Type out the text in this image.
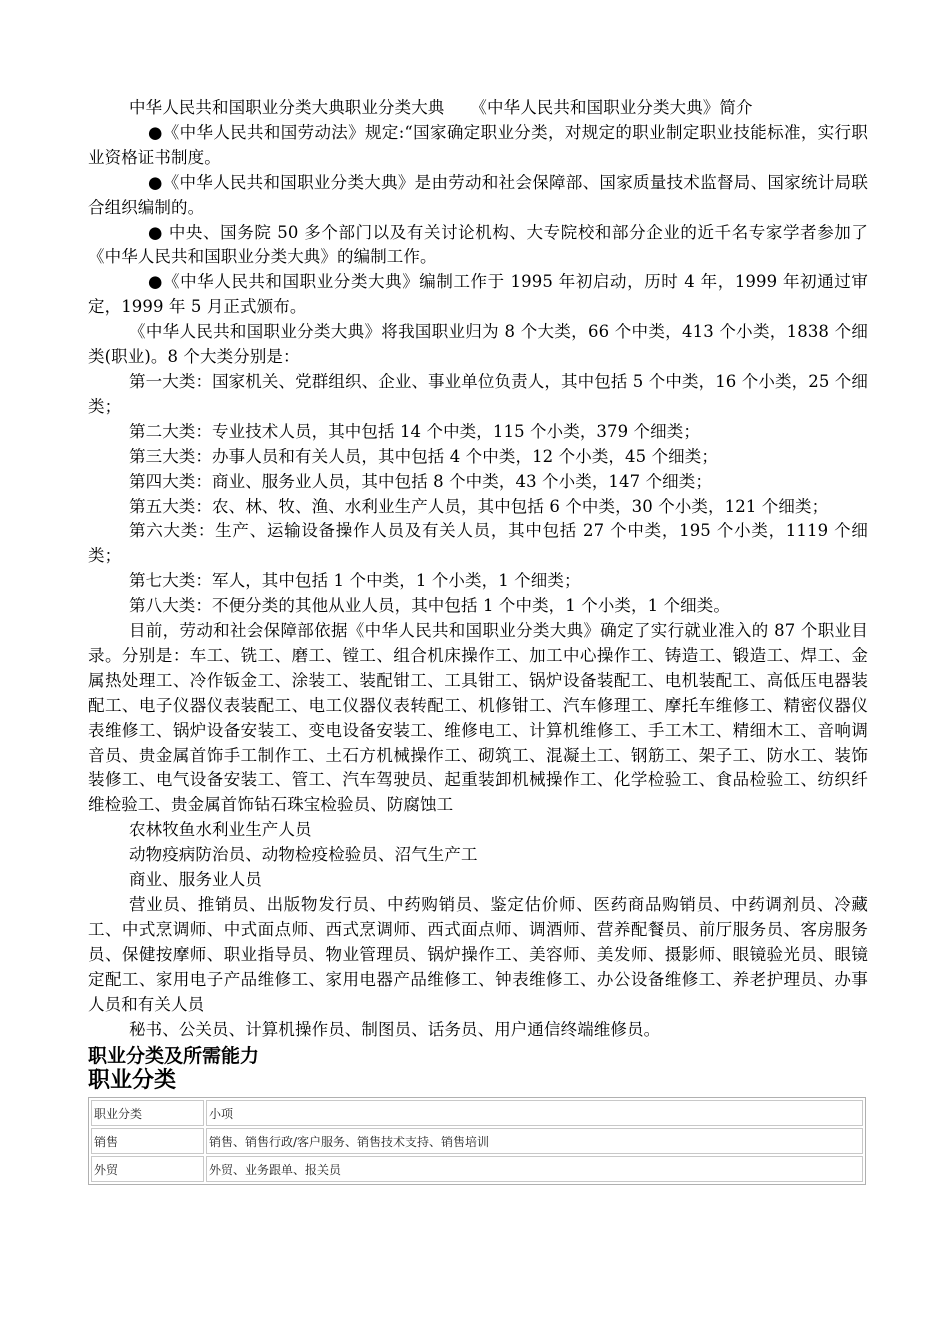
中华人民共和国职业分类大典职业分类大典 《中华人民共和国职业分类大典》简介

●《中华人民共和国劳动法》规定:“国家确定职业分类，对规定的职业制定职业技能标准，实行职业资格证书制度。

●《中华人民共和国职业分类大典》是由劳动和社会保障部、国家质量技术监督局、国家统计局联合组织编制的。

● 中央、国务院 50 多个部门以及有关讨论机构、大专院校和部分企业的近千名专家学者参加了《中华人民共和国职业分类大典》的编制工作。

●《中华人民共和国职业分类大典》编制工作于 1995 年初启动，历时 4 年，1999 年初通过审定，1999 年 5 月正式颁布。

《中华人民共和国职业分类大典》将我国职业归为 8 个大类，66 个中类，413 个小类，1838 个细类(职业)。8 个大类分别是：

第一大类：国家机关、党群组织、企业、事业单位负责人，其中包括 5 个中类，16 个小类，25 个细类；

第二大类：专业技术人员，其中包括 14 个中类，115 个小类，379 个细类；

第三大类：办事人员和有关人员，其中包括 4 个中类，12 个小类，45 个细类；

第四大类：商业、服务业人员，其中包括 8 个中类，43 个小类，147 个细类；

第五大类：农、林、牧、渔、水利业生产人员，其中包括 6 个中类，30 个小类，121 个细类；

第六大类：生产、运输设备操作人员及有关人员，其中包括 27 个中类，195 个小类，1119 个细类；

第七大类：军人，其中包括 1 个中类，1 个小类，1 个细类；

第八大类：不便分类的其他从业人员，其中包括 1 个中类，1 个小类，1 个细类。

目前，劳动和社会保障部依据《中华人民共和国职业分类大典》确定了实行就业准入的 87 个职业目录。分别是：车工、铣工、磨工、镗工、组合机床操作工、加工中心操作工、铸造工、锻造工、焊工、金属热处理工、冷作钣金工、涂装工、装配钳工、工具钳工、锅炉设备装配工、电机装配工、高低压电器装配工、电子仪器仪表装配工、电工仪器仪表转配工、机修钳工、汽车修理工、摩托车维修工、精密仪器仪表维修工、锅炉设备安装工、变电设备安装工、维修电工、计算机维修工、手工木工、精细木工、音响调音员、贵金属首饰手工制作工、土石方机械操作工、砌筑工、混凝土工、钢筋工、架子工、防水工、装饰装修工、电气设备安装工、管工、汽车驾驶员、起重装卸机械操作工、化学检验工、食品检验工、纺织纤维检验工、贵金属首饰钻石珠宝检验员、防腐蚀工

农林牧鱼水利业生产人员

动物疫病防治员、动物检疫检验员、沼气生产工

商业、服务业人员

营业员、推销员、出版物发行员、中药购销员、鉴定估价师、医药商品购销员、中药调剂员、冷藏工、中式烹调师、中式面点师、西式烹调师、西式面点师、调酒师、营养配餐员、前厅服务员、客房服务员、保健按摩师、职业指导员、物业管理员、锅炉操作工、美容师、美发师、摄影师、眼镜验光员、眼镜定配工、家用电子产品维修工、家用电器产品维修工、钟表维修工、办公设备维修工、养老护理员、办事人员和有关人员

秘书、公关员、计算机操作员、制图员、话务员、用户通信终端维修员。

职业分类及所需能力
职业分类
职业分类	小项
销售	销售、销售行政/客户服务、销售技术支持、销售培训
外贸	外贸、业务跟单、报关员
